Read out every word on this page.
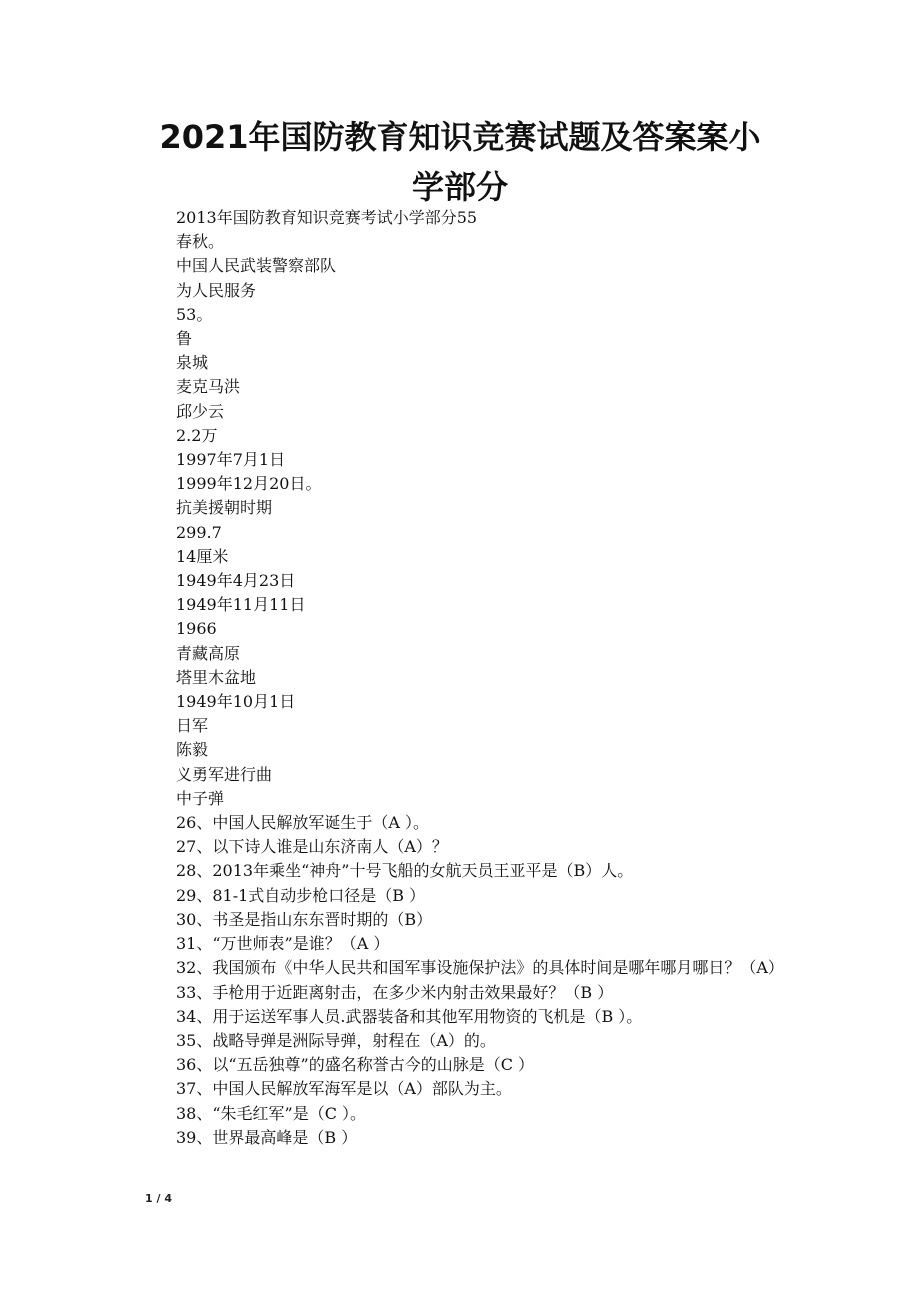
2021年国防教育知识竞赛试题及答案案小
学部分
2013年国防教育知识竞赛考试小学部分55
春秋。
中国人民武装警察部队
为人民服务
53。
鲁
泉城
麦克马洪
邱少云
2.2万
1997年7月1日
1999年12月20日。
抗美援朝时期
299.7
14厘米
1949年4月23日
1949年11月11日
1966
青藏高原
塔里木盆地
1949年10月1日
日军
陈毅
义勇军进行曲
中子弹
26、中国人民解放军诞生于（A ）。
27、以下诗人谁是山东济南人（A）？
28、2013年乘坐“神舟”十号飞船的女航天员王亚平是（B）人。
29、81-1式自动步枪口径是（B ）
30、书圣是指山东东晋时期的（B）
31、“万世师表”是谁？（A ）
32、我国颁布《中华人民共和国军事设施保护法》的具体时间是哪年哪月哪日？（A）
33、手枪用于近距离射击，在多少米内射击效果最好？（B ）
34、用于运送军事人员.武器装备和其他军用物资的飞机是（B ）。
35、战略导弹是洲际导弹，射程在（A）的。
36、以“五岳独尊”的盛名称誉古今的山脉是（C ）
37、中国人民解放军海军是以（A）部队为主。
38、“朱毛红军”是（C ）。
39、世界最高峰是（B ）
1 / 4
